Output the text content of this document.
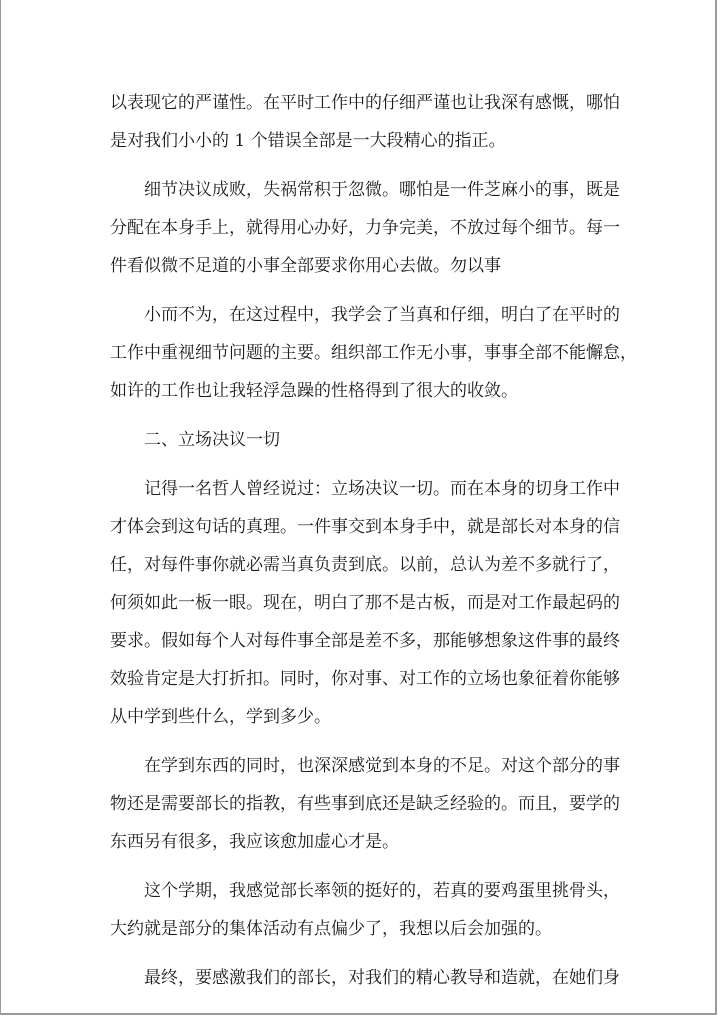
以表现它的严谨性。在平时工作中的仔细严谨也让我深有感慨，哪怕
是对我们小小的 1 个错误全部是一大段精心的指正。
细节决议成败，失祸常积于忽微。哪怕是一件芝麻小的事，既是
分配在本身手上，就得用心办好，力争完美，不放过每个细节。每一
件看似微不足道的小事全部要求你用心去做。勿以事
小而不为，在这过程中，我学会了当真和仔细，明白了在平时的
工作中重视细节问题的主要。组织部工作无小事，事事全部不能懈怠，
如许的工作也让我轻浮急躁的性格得到了很大的收敛。
二、立场决议一切
记得一名哲人曾经说过：立场决议一切。而在本身的切身工作中
才体会到这句话的真理。一件事交到本身手中，就是部长对本身的信
任，对每件事你就必需当真负责到底。以前，总认为差不多就行了，
何须如此一板一眼。现在，明白了那不是古板，而是对工作最起码的
要求。假如每个人对每件事全部是差不多，那能够想象这件事的最终
效验肯定是大打折扣。同时，你对事、对工作的立场也象征着你能够
从中学到些什么，学到多少。
在学到东西的同时，也深深感觉到本身的不足。对这个部分的事
物还是需要部长的指教，有些事到底还是缺乏经验的。而且，要学的
东西另有很多，我应该愈加虚心才是。
这个学期，我感觉部长率领的挺好的，若真的要鸡蛋里挑骨头，
大约就是部分的集体活动有点偏少了，我想以后会加强的。
最终，要感激我们的部长，对我们的精心教导和造就，在她们身
